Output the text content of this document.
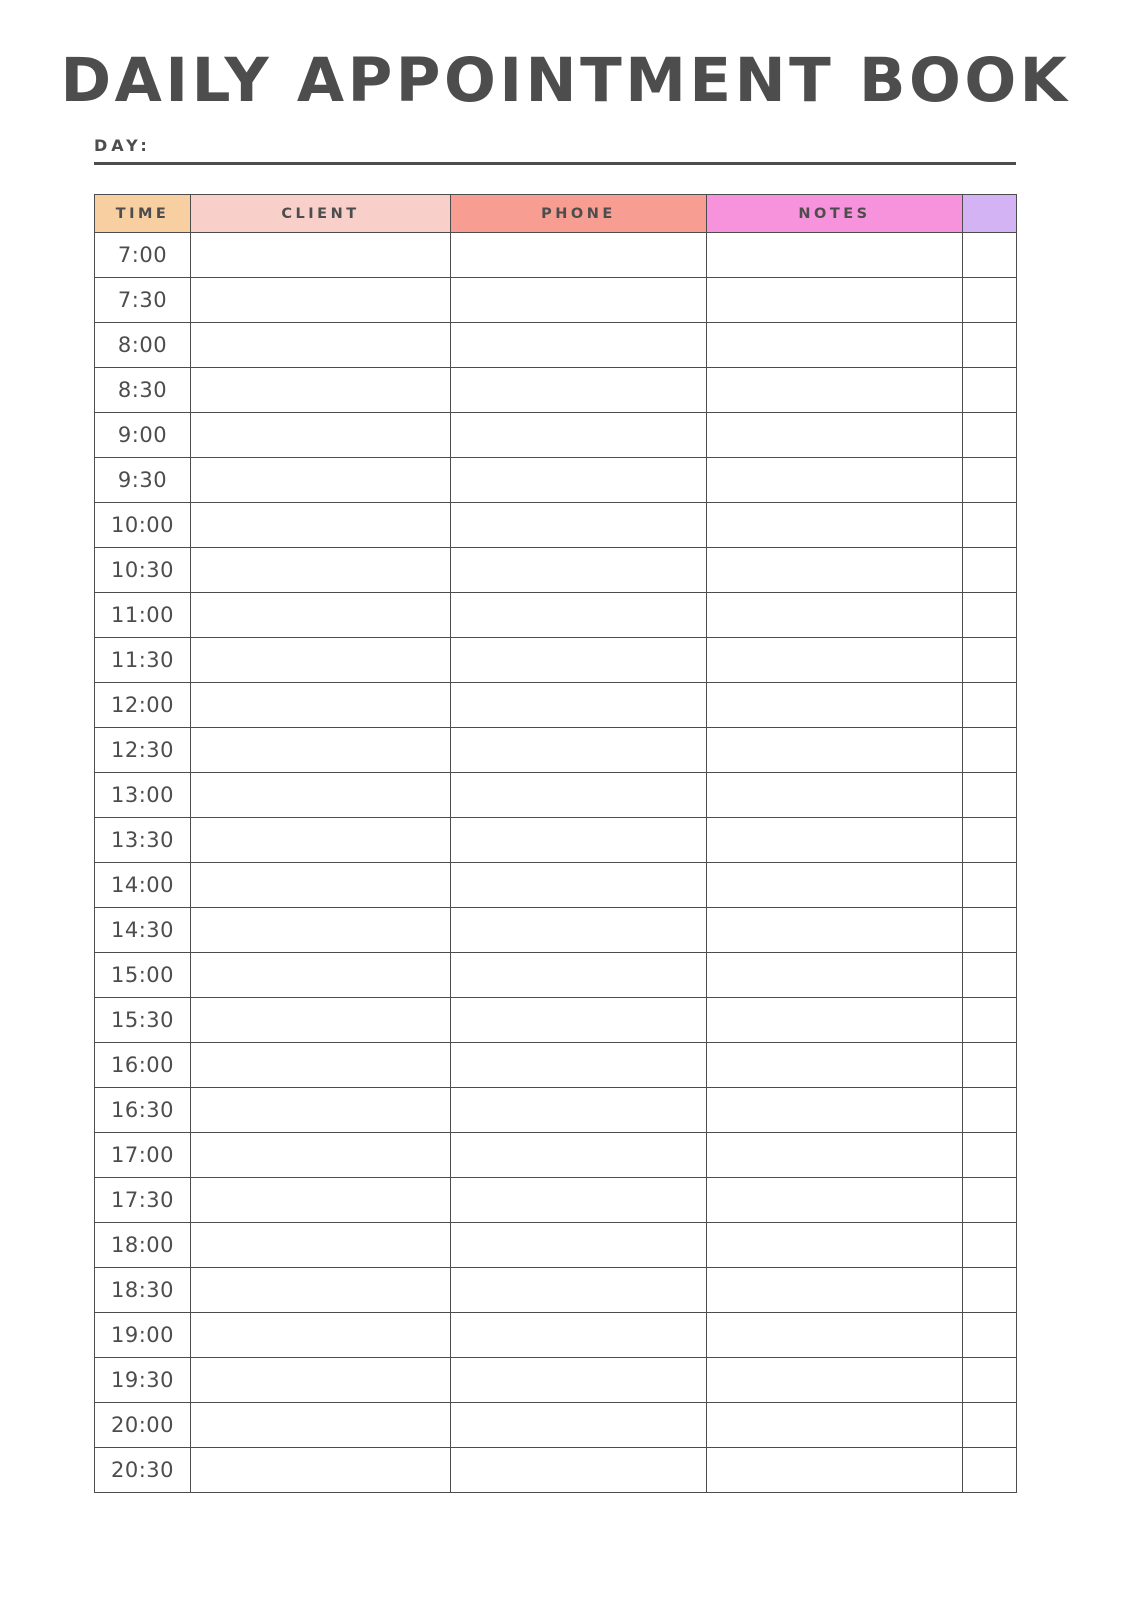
DAILY APPOINTMENT BOOK
DAY:
TIME	CLIENT	PHONE	NOTES	
7:00				
7:30				
8:00				
8:30				
9:00				
9:30				
10:00				
10:30				
11:00				
11:30				
12:00				
12:30				
13:00				
13:30				
14:00				
14:30				
15:00				
15:30				
16:00				
16:30				
17:00				
17:30				
18:00				
18:30				
19:00				
19:30				
20:00				
20:30				
